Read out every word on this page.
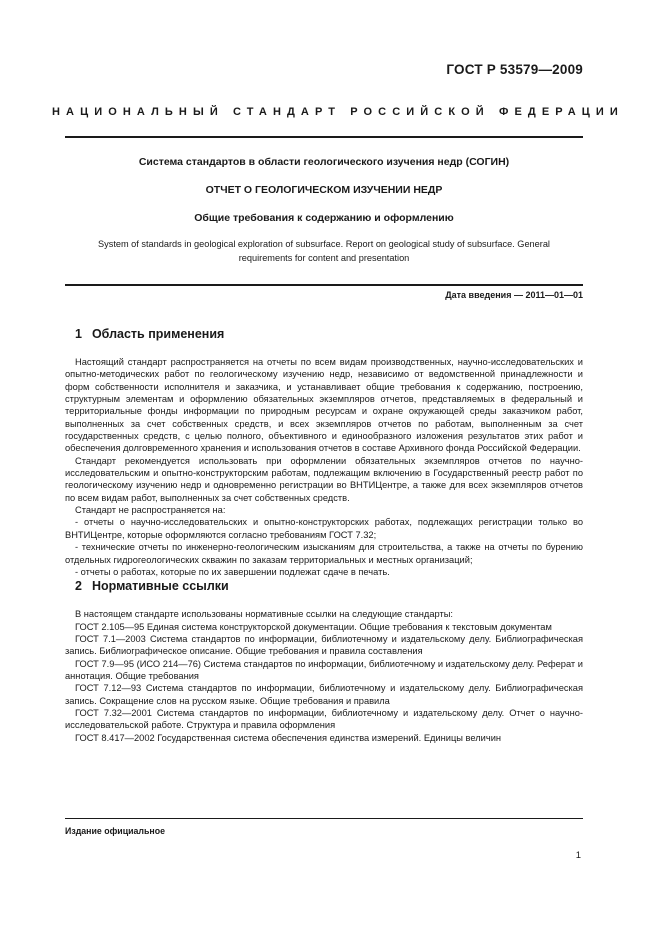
ГОСТ Р 53579—2009
НАЦИОНАЛЬНЫЙ СТАНДАРТ РОССИЙСКОЙ ФЕДЕРАЦИИ
Система стандартов в области геологического изучения недр (СОГИН)
ОТЧЕТ О ГЕОЛОГИЧЕСКОМ ИЗУЧЕНИИ НЕДР
Общие требования к содержанию и оформлению
System of standards in geological exploration of subsurface. Report on geological study of subsurface. General requirements for content and presentation
Дата введения — 2011—01—01
1 Область применения

Настоящий стандарт распространяется на отчеты по всем видам производственных, научно-исследовательских и опытно-методических работ по геологическому изучению недр, независимо от ведомственной принадлежности и форм собственности исполнителя и заказчика, и устанавливает общие требования к содержанию, построению, структурным элементам и оформлению обязательных экземпляров отчетов, представляемых в федеральный и территориальные фонды информации по природным ресурсам и охране окружающей среды заказчиком работ, выполненных за счет собственных средств, и всех экземпляров отчетов по работам, выполненным за счет государственных средств, с целью полного, объективного и единообразного изложения результатов этих работ и обеспечения долговременного хранения и использования отчетов в составе Архивного фонда Российской Федерации.

Стандарт рекомендуется использовать при оформлении обязательных экземпляров отчетов по научно-исследовательским и опытно-конструкторским работам, подлежащим включению в Государственный реестр работ по геологическому изучению недр и одновременно регистрации во ВНТИЦентре, а также для всех экземпляров отчетов по всем видам работ, выполненных за счет собственных средств.

Стандарт не распространяется на:

- отчеты о научно-исследовательских и опытно-конструкторских работах, подлежащих регистрации только во ВНТИЦентре, которые оформляются согласно требованиям ГОСТ 7.32;

- технические отчеты по инженерно-геологическим изысканиям для строительства, а также на отчеты по бурению отдельных гидрогеологических скважин по заказам территориальных и местных организаций;

- отчеты о работах, которые по их завершении подлежат сдаче в печать.

2 Нормативные ссылки

В настоящем стандарте использованы нормативные ссылки на следующие стандарты:

ГОСТ 2.105—95 Единая система конструкторской документации. Общие требования к текстовым документам

ГОСТ 7.1—2003 Система стандартов по информации, библиотечному и издательскому делу. Библиографическая запись. Библиографическое описание. Общие требования и правила составления

ГОСТ 7.9—95 (ИСО 214—76) Система стандартов по информации, библиотечному и издательскому делу. Реферат и аннотация. Общие требования

ГОСТ 7.12—93 Система стандартов по информации, библиотечному и издательскому делу. Библиографическая запись. Сокращение слов на русском языке. Общие требования и правила

ГОСТ 7.32—2001 Система стандартов по информации, библиотечному и издательскому делу. Отчет о научно-исследовательской работе. Структура и правила оформления

ГОСТ 8.417—2002 Государственная система обеспечения единства измерений. Единицы величин

Издание официальное
1
